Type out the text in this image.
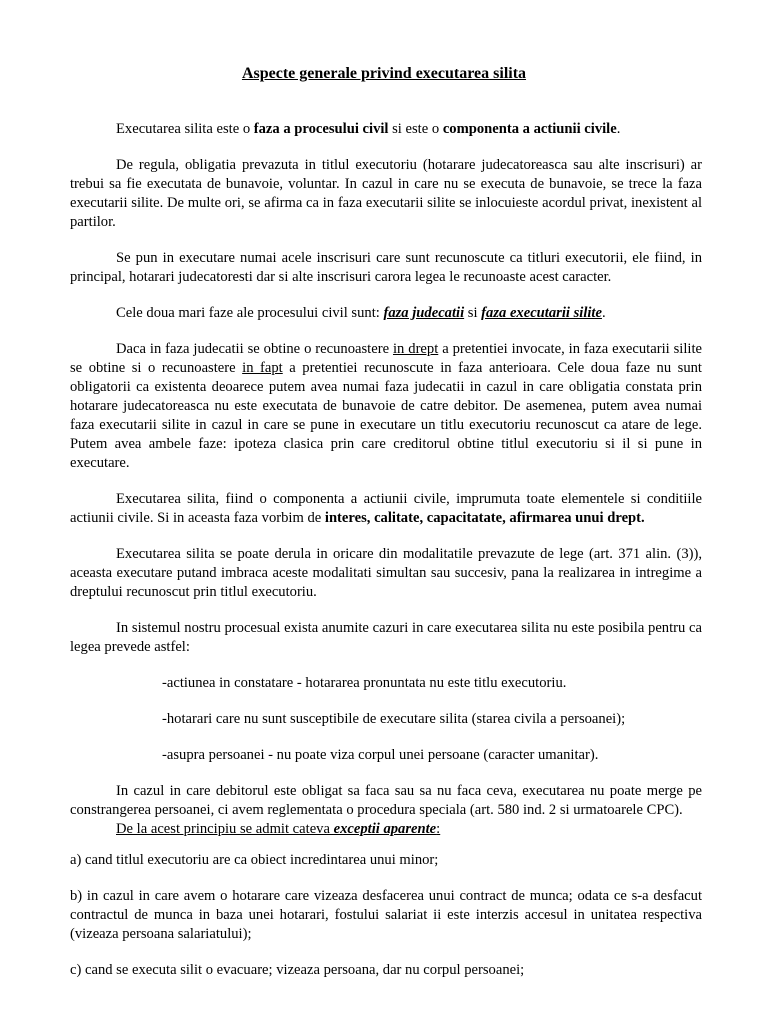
Aspecte generale privind executarea silita

Executarea silita este o faza a procesului civil si este o componenta a actiunii civile.

De regula, obligatia prevazuta in titlul executoriu (hotarare judecatoreasca sau alte inscrisuri) ar trebui sa fie executata de bunavoie, voluntar. In cazul in care nu se executa de bunavoie, se trece la faza executarii silite. De multe ori, se afirma ca in faza executarii silite se inlocuieste acordul privat, inexistent al partilor.

Se pun in executare numai acele inscrisuri care sunt recunoscute ca titluri executorii, ele fiind, in principal, hotarari judecatoresti dar si alte inscrisuri carora legea le recunoaste acest caracter.

Cele doua mari faze ale procesului civil sunt: faza judecatii si faza executarii silite.

Daca in faza judecatii se obtine o recunoastere in drept a pretentiei invocate, in faza executarii silite se obtine si o recunoastere in fapt a pretentiei recunoscute in faza anterioara. Cele doua faze nu sunt obligatorii ca existenta deoarece putem avea numai faza judecatii in cazul in care obligatia constata prin hotarare judecatoreasca nu este executata de bunavoie de catre debitor. De asemenea, putem avea numai faza executarii silite in cazul in care se pune in executare un titlu executoriu recunoscut ca atare de lege. Putem avea ambele faze: ipoteza clasica prin care creditorul obtine titlul executoriu si il si pune in executare.

Executarea silita, fiind o componenta a actiunii civile, imprumuta toate elementele si conditiile actiunii civile. Si in aceasta faza vorbim de interes, calitate, capacitatate, afirmarea unui drept.

Executarea silita se poate derula in oricare din modalitatile prevazute de lege (art. 371 alin. (3)), aceasta executare putand imbraca aceste modalitati simultan sau succesiv, pana la realizarea in intregime a dreptului recunoscut prin titlul executoriu.

In sistemul nostru procesual exista anumite cazuri in care executarea silita nu este posibila pentru ca legea prevede astfel:

-actiunea in constatare - hotararea pronuntata nu este titlu executoriu.

-hotarari care nu sunt susceptibile de executare silita (starea civila a persoanei);

-asupra persoanei - nu poate viza corpul unei persoane (caracter umanitar).

In cazul in care debitorul este obligat sa faca sau sa nu faca ceva, executarea nu poate merge pe constrangerea persoanei, ci avem reglementata o procedura speciala (art. 580 ind. 2 si urmatoarele CPC).

De la acest principiu se admit cateva exceptii aparente:

a) cand titlul executoriu are ca obiect incredintarea unui minor;

b) in cazul in care avem o hotarare care vizeaza desfacerea unui contract de munca; odata ce s-a desfacut contractul de munca in baza unei hotarari, fostului salariat ii este interzis accesul in unitatea respectiva (vizeaza persoana salariatului);

c) cand se executa silit o evacuare; vizeaza persoana, dar nu corpul persoanei;
